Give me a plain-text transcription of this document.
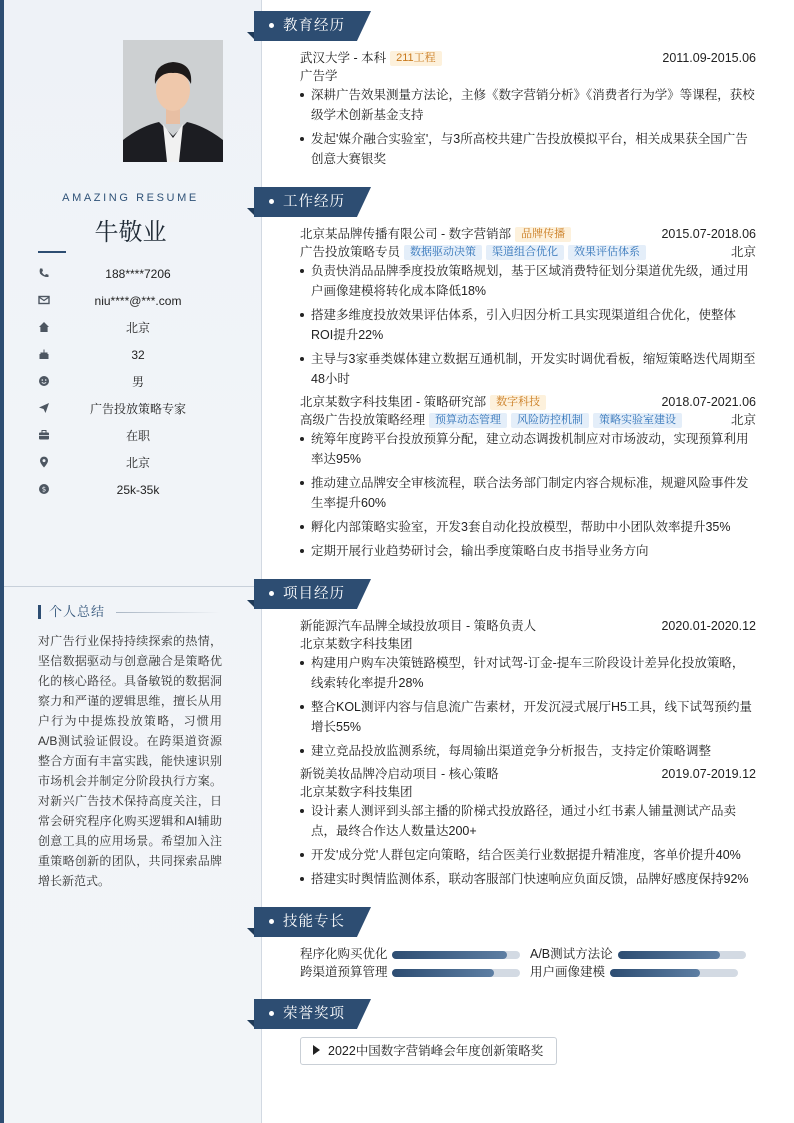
AMAZING RESUME
牛敬业
188****7206
niu****@***.com
北京
32
男
广告投放策略专家
在职
北京
$	25k-35k
个人总结
对广告行业保持持续探索的热情，坚信数据驱动与创意融合是策略优化的核心路径。具备敏锐的数据洞察力和严谨的逻辑思维，擅长从用户行为中提炼投放策略，习惯用A/B测试验证假设。在跨渠道资源整合方面有丰富实践，能快速识别市场机会并制定分阶段执行方案。对新兴广告技术保持高度关注，日常会研究程序化购买逻辑和AI辅助创意工具的应用场景。希望加入注重策略创新的团队，共同探索品牌增长新范式。
教育经历
武汉大学 - 本科 211工程	2011.09-2015.06
广告学
深耕广告效果测量方法论，主修《数字营销分析》《消费者行为学》等课程，获校级学术创新基金支持
发起'媒介融合实验室'，与3所高校共建广告投放模拟平台，相关成果获全国广告创意大赛银奖
工作经历
北京某品牌传播有限公司 - 数字营销部 品牌传播	2015.07-2018.06
广告投放策略专员 数据驱动决策 渠道组合优化 效果评估体系	北京
负责快消品品牌季度投放策略规划，基于区域消费特征划分渠道优先级，通过用户画像建模将转化成本降低18%
搭建多维度投放效果评估体系，引入归因分析工具实现渠道组合优化，使整体ROI提升22%
主导与3家垂类媒体建立数据互通机制，开发实时调优看板，缩短策略迭代周期至48小时
北京某数字科技集团 - 策略研究部 数字科技	2018.07-2021.06
高级广告投放策略经理 预算动态管理 风险防控机制 策略实验室建设	北京
统筹年度跨平台投放预算分配，建立动态调拨机制应对市场波动，实现预算利用率达95%
推动建立品牌安全审核流程，联合法务部门制定内容合规标准，规避风险事件发生率提升60%
孵化内部策略实验室，开发3套自动化投放模型，帮助中小团队效率提升35%
定期开展行业趋势研讨会，输出季度策略白皮书指导业务方向
项目经历
新能源汽车品牌全域投放项目 - 策略负责人	2020.01-2020.12
北京某数字科技集团
构建用户购车决策链路模型，针对试驾-订金-提车三阶段设计差异化投放策略，线索转化率提升28%
整合KOL测评内容与信息流广告素材，开发沉浸式展厅H5工具，线下试驾预约量增长55%
建立竞品投放监测系统，每周输出渠道竞争分析报告，支持定价策略调整
新锐美妆品牌冷启动项目 - 核心策略	2019.07-2019.12
北京某数字科技集团
设计素人测评到头部主播的阶梯式投放路径，通过小红书素人铺量测试产品卖点，最终合作达人数量达200+
开发'成分党'人群包定向策略，结合医美行业数据提升精准度，客单价提升40%
搭建实时舆情监测体系，联动客服部门快速响应负面反馈，品牌好感度保持92%
技能专长
程序化购买优化	A/B测试方法论
跨渠道预算管理	用户画像建模
荣誉奖项
2022中国数字营销峰会年度创新策略奖
